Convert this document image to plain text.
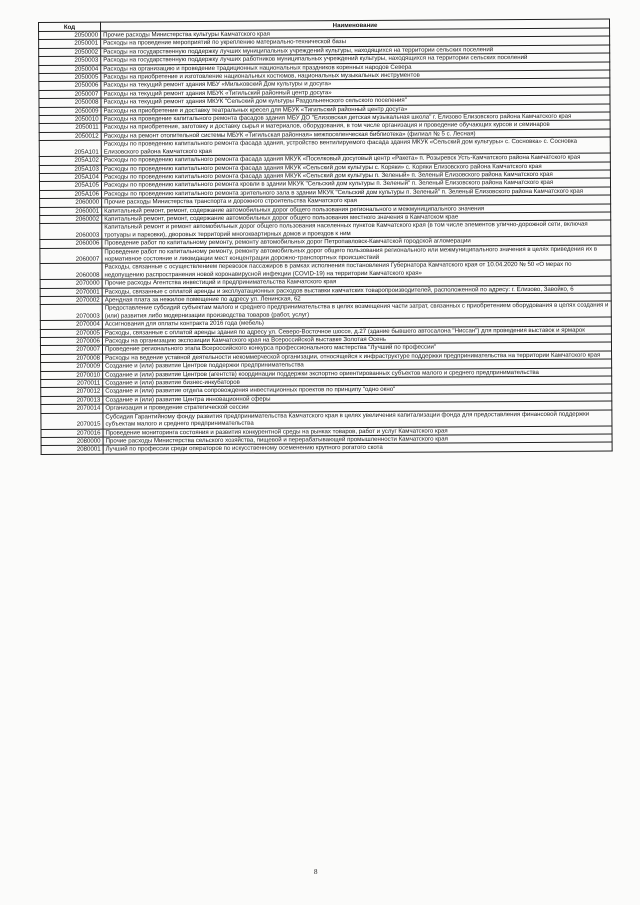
Код	Наименование
2050000	Прочие расходы Министерства культуры Камчатского края
2050001	Расходы на проведение мероприятий по укреплению материально-технической базы
2050002	Расходы на государственную поддержку лучших муниципальных учреждений культуры, находящихся на территории сельских поселений
2050003	Расходы на государственную поддержку лучших работников муниципальных учреждений культуры, находящихся на территории сельских поселений
2050004	Расходы на организацию и проведение традиционных национальных праздников коренных народов Севера
2050005	Расходы на приобретение и изготовление национальных костюмов, национальных музыкальных инструментов
2050006	Расходы на текущий ремонт здания МБУ «Мильковский Дом культуры и досуга»
2050007	Расходы на текущий ремонт здания МБУК «Тигильский районный центр досуга»
2050008	Расходы на текущий ремонт здания МКУК "Сельский дом культуры Раздольненского сельского поселения"
2050009	Расходы на приобретение и доставку театральных кресел для МБУК «Тигильский районный центр досуга»
2050010	Расходы на проведение капитального ремонта фасадов здания МБУ ДО "Елизовская детская музыкальная школа" г. Елизово Елизовского района Камчатского края
2050011	Расходы на приобретение, заготовку и доставку сырья и материалов, оборудования, в том числе организация и проведение обучающих курсов и семинаров
2050012	Расходы на ремонт отопительной системы МБУК «Тигильская районная» межпоселенческая библиотека» (филиал № 5 с. Лесная)
205A101	Расходы по проведению капитального ремонта фасада здания, устройство вентилируемого фасада здания МКУК «Сельский дом культуры» с. Сосновка» с. Сосновка Елизовского района Камчатского края
205A102	Расходы по проведению капитального ремонта фасада здания МКУК «Поселковый досуговый центр «Ракета» п. Розыревск Усть-Камчатского района Камчатского края
205A103	Расходы по проведению капитального ремонта фасада здания МКУК «Сельский дом культуры с. Коряки» с. Коряки Елизовского района Камчатского края
205A104	Расходы по проведению капитального ремонта фасада здания МКУК «Сельский дом культуры п. Зеленый» п. Зеленый Елизовского района Камчатского края
205A105	Расходы по проведению капитального ремонта кровли в здании МКУК "Сельский дом культуры п. Зеленый" п. Зеленый Елизовского района Камчатского края
205A106	Расходы по проведению капитального ремонта зрительного зала в здании МКУК "Сельский дом культуры п. Зеленый" п. Зеленый Елизовского района Камчатского края
2060000	Прочие расходы Министерства транспорта и дорожного строительства Камчатского края
2060001	Капитальный ремонт, ремонт, содержание автомобильных дорог общего пользования регионального и межмуниципального значения
2060002	Капитальный ремонт, ремонт, содержание автомобильных дорог общего пользования местного значения в Камчатском крае
2060003	Капитальный ремонт и ремонт автомобильных дорог общего пользования населенных пунктов Камчатского края (в том числе элементов улично-дорожной сети, включая тротуары и парковки), дворовых территорий многоквартирных домов и проездов к ним
2060006	Проведение работ по капитальному ремонту, ремонту автомобильных дорог Петропавловск-Камчатской городской агломерации
2060007	Проведение работ по капитальному ремонту, ремонту автомобильных дорог общего пользования регионального или межмуниципального значения в целях приведения их в нормативное состояние и ликвидации мест концентрации дорожно-транспортных происшествий
2060008	Расходы, связанные с осуществлением перевозок пассажиров в рамках исполнения постановления Губернатора Камчатского края от 10.04.2020 № 50 «О мерах по недопущению распространения новой коронавирусной инфекции (COVID-19) на территории Камчатского края»
2070000	Прочие расходы Агентства инвестиций и предпринимательства Камчатского края
2070001	Расходы, связанные с оплатой аренды и эксплуатационных расходов выставки камчатских товаропроизводителей, расположенной по адресу: г. Елизово, Завойко, 6
2070002	Арендная плата за нежилое помещение по адресу ул. Ленинская, 62
2070003	Предоставление субсидий субъектам малого и среднего предпринимательства в целях возмещения части затрат, связанных с приобретением оборудования в целях создания и (или) развития либо модернизации производства товаров (работ, услуг)
2070004	Ассигнования для оплаты контракта 2016 года (мебель)
2070005	Расходы, связанные с оплатой аренды здания по адресу ул. Северо-Восточное шоссе, д.27 (здание бывшего автосалона "Ниссан") для проведения выставок и ярмарок
2070006	Расходы на организацию экспозиции Камчатского края на Всероссийской выставке Золотая Осень
2070007	Проведение регионального этапа Всероссийского конкурса профессионального мастерства "Лучший по профессии"
2070008	Расходы на ведение уставной деятельности некоммерческой организации, относящейся к инфраструктуре поддержки предпринимательства на территории Камчатского края
2070009	Создание и (или) развитие Центров поддержки предпринимательства
2070010	Создание и (или) развитие Центров (агентств) координации поддержки экспортно ориентированных субъектов малого и среднего предпринимательства
2070011	Создание и (или) развитие бизнес-инкубаторов
2070012	Создание и (или) развитие отдела сопровождения инвестиционных проектов по принципу "одно окно"
2070013	Создание и (или) развитие Центра инновационной сферы
2070014	Организация и проведение стратегической сессии
2070015	Субсидия Гарантийному фонду развития предпринимательства Камчатского края в целях увеличения капитализации фонда для предоставления финансовой поддержки субъектам малого и среднего предпринимательства
2070016	Проведение мониторинга состояния и развития конкурентной среды на рынках товаров, работ и услуг Камчатского края
2080000	Прочие расходы Министерства сельского хозяйства, пищевой и перерабатывающей промышленности Камчатского края
2080001	Лучший по профессии среди операторов по искусственному осеменению крупного рогатого скота
8
